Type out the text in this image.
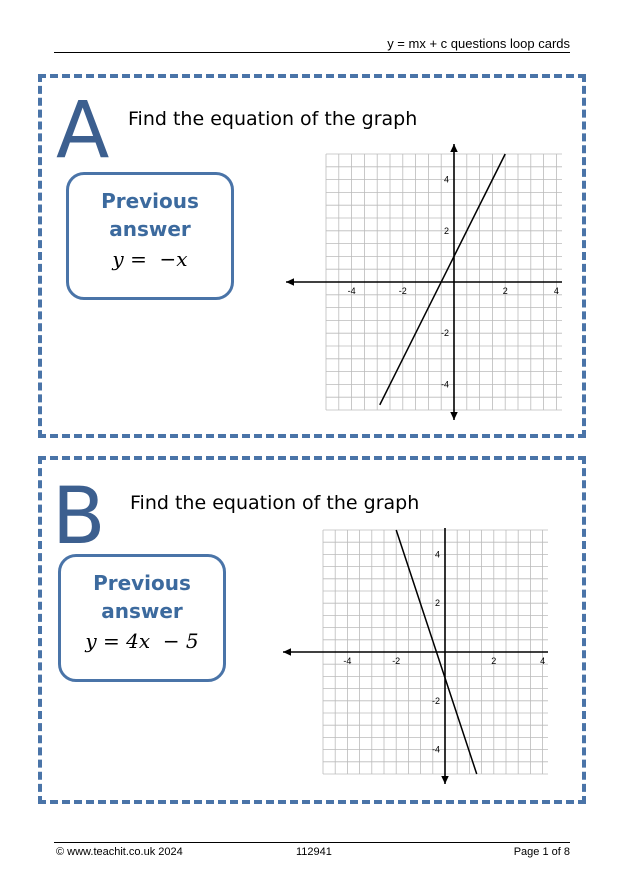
y = mx + c questions loop cards
A Find the equation of the graph
Previous
answer
y =  −x
-4	-2	2	4
4
2
-2
-4
B Find the equation of the graph
Previous
answer
y = 4x  − 5
-4	-2	2	4
4
2
-2
-4
© www.teachit.co.uk 2024	112941	Page 1 of 8
